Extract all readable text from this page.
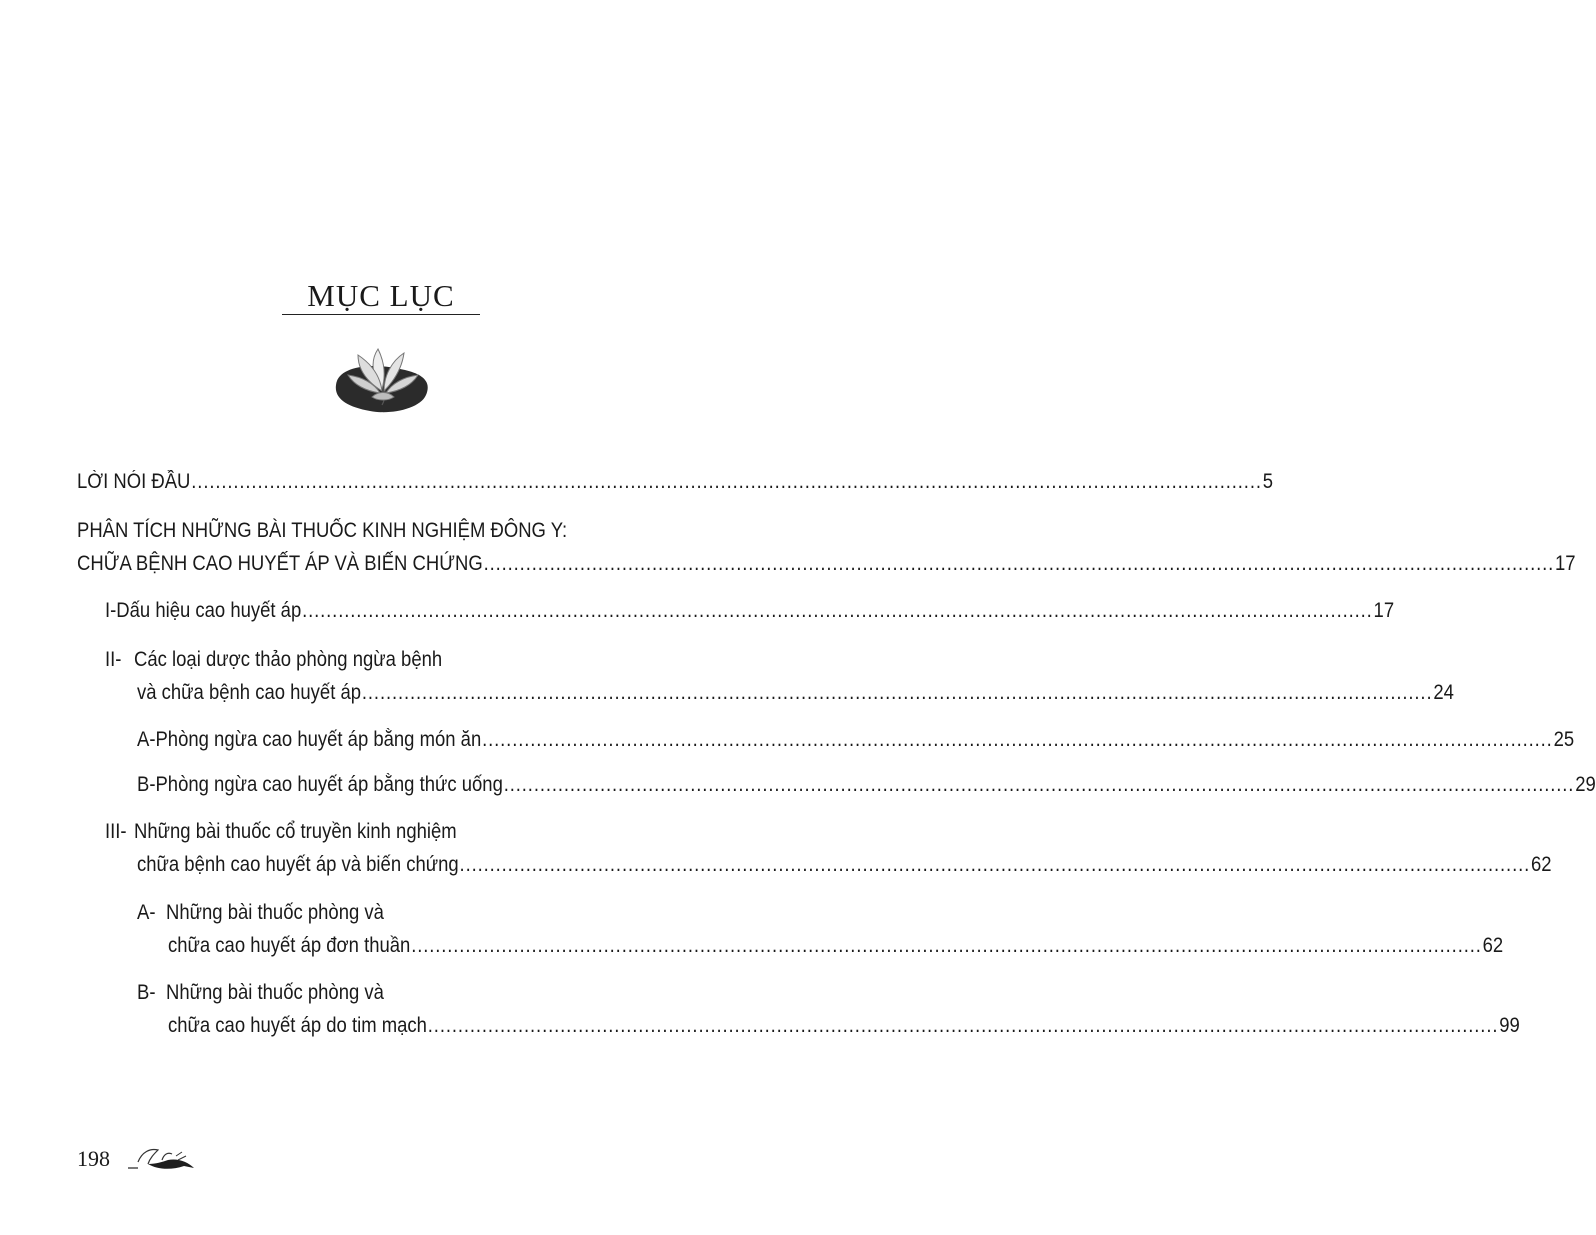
MỤC LỤC
LỜI NÓI ĐẦU .................................................................................................................................................................................. 5
PHÂN TÍCH NHỮNG BÀI THUỐC KINH NGHIỆM ĐÔNG Y:
CHỮA BỆNH CAO HUYẾT ÁP VÀ BIẾN CHỨNG .................................................................................................................................................................................. 17
I- Dấu hiệu cao huyết áp .................................................................................................................................................................................. 17
II- Các loại dược thảo phòng ngừa bệnh
và chữa bệnh cao huyết áp .................................................................................................................................................................................. 24
A- Phòng ngừa cao huyết áp bằng món ăn .................................................................................................................................................................................. 25
B- Phòng ngừa cao huyết áp bằng thức uống .................................................................................................................................................................................. 29
III- Những bài thuốc cổ truyền kinh nghiệm
chữa bệnh cao huyết áp và biến chứng .................................................................................................................................................................................. 62
A- Những bài thuốc phòng và
chữa cao huyết áp đơn thuần .................................................................................................................................................................................. 62
B- Những bài thuốc phòng và
chữa cao huyết áp do tim mạch .................................................................................................................................................................................. 99
198
